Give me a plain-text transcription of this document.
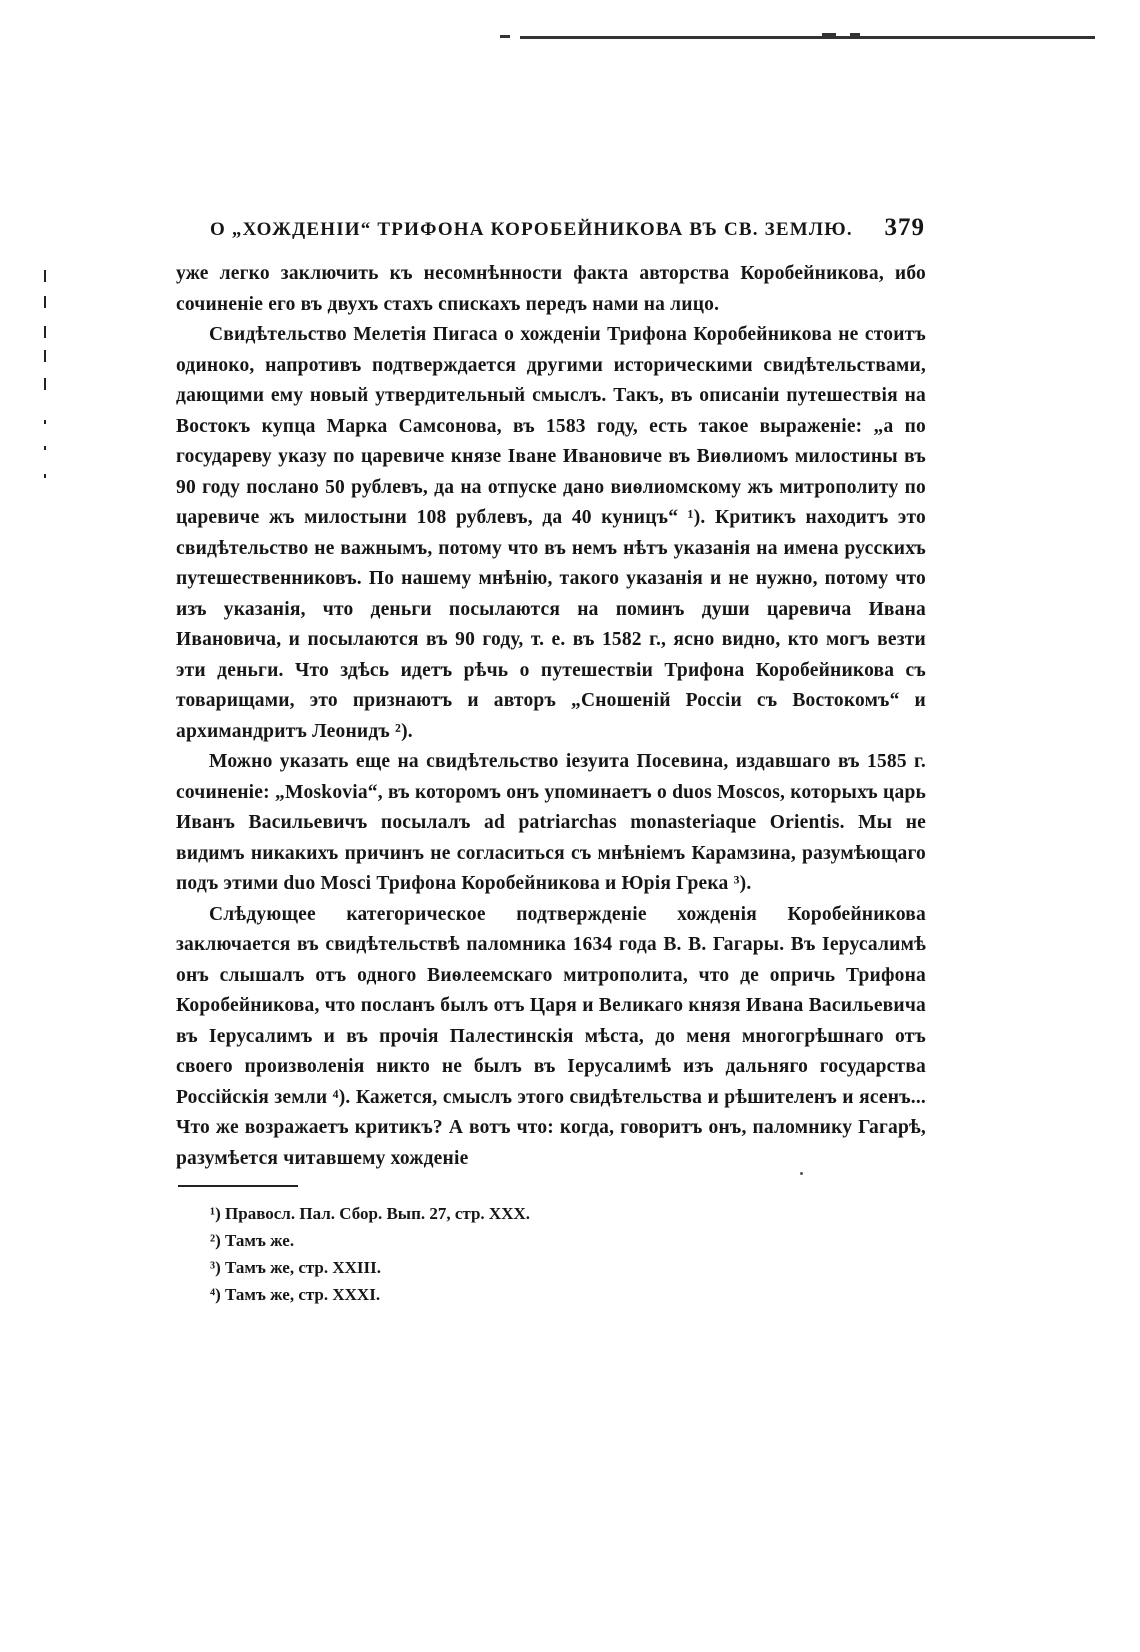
О „ХОЖДЕНІИ“ ТРИФОНА КОРОБЕЙНИКОВА ВЪ СВ. ЗЕМЛЮ. 379

уже легко заключить къ несомнѣнности факта авторства Коробейникова, ибо сочиненіе его въ двухъ стахъ спискахъ передъ нами на лицо.

Свидѣтельство Мелетія Пигаса о хожденіи Трифона Коробейникова не стоитъ одиноко, напротивъ подтверждается другими историческими свидѣтельствами, дающими ему новый утвердительный смыслъ. Такъ, въ описаніи путешествія на Востокъ купца Марка Самсонова, въ 1583 году, есть такое выраженіе: „а по государеву указу по царевиче князе Іване Ивановиче въ Виѳлиомъ милостины въ 90 году послано 50 рублевъ, да на отпуске дано виѳлиомскому жъ митрополиту по царевиче жъ милостыни 108 рублевъ, да 40 куницъ“ ¹). Критикъ находитъ это свидѣтельство не важнымъ, потому что въ немъ нѣтъ указанія на имена русскихъ путешественниковъ. По нашему мнѣнію, такого указанія и не нужно, потому что изъ указанія, что деньги посылаются на поминъ души царевича Ивана Ивановича, и посылаются въ 90 году, т. е. въ 1582 г., ясно видно, кто могъ везти эти деньги. Что здѣсь идетъ рѣчь о путешествіи Трифона Коробейникова съ товарищами, это признаютъ и авторъ „Сношеній Россіи съ Востокомъ“ и архимандритъ Леонидъ ²).

Можно указать еще на свидѣтельство іезуита Посевина, издавшаго въ 1585 г. сочиненіе: „Moskovia“, въ которомъ онъ упоминаетъ о duos Moscos, которыхъ царь Иванъ Васильевичъ посылалъ ad patriarchas monasteriaque Orientis. Мы не видимъ никакихъ причинъ не согласиться съ мнѣніемъ Карамзина, разумѣющаго подъ этими duo Mosci Трифона Коробейникова и Юрія Грека ³).

Слѣдующее категорическое подтвержденіе хожденія Коробейникова заключается въ свидѣтельствѣ паломника 1634 года В. В. Гагары. Въ Іерусалимѣ онъ слышалъ отъ одного Виѳлеемскаго митрополита, что де опричь Трифона Коробейникова, что посланъ былъ отъ Царя и Великаго князя Ивана Васильевича въ Іерусалимъ и въ прочія Палестинскія мѣста, до меня многогрѣшнаго отъ своего произволенія никто не былъ въ Іерусалимѣ изъ дальняго государства Россійскія земли ⁴). Кажется, смыслъ этого свидѣтельства и рѣшителенъ и ясенъ... Что же возражаетъ критикъ? А вотъ что: когда, говоритъ онъ, паломнику Гагарѣ, разумѣется читавшему хожденіе

¹) Правосл. Пал. Сбор. Вып. 27, стр. XXX.
²) Тамъ же.
³) Тамъ же, стр. XXIII.
⁴) Тамъ же, стр. XXXI.
